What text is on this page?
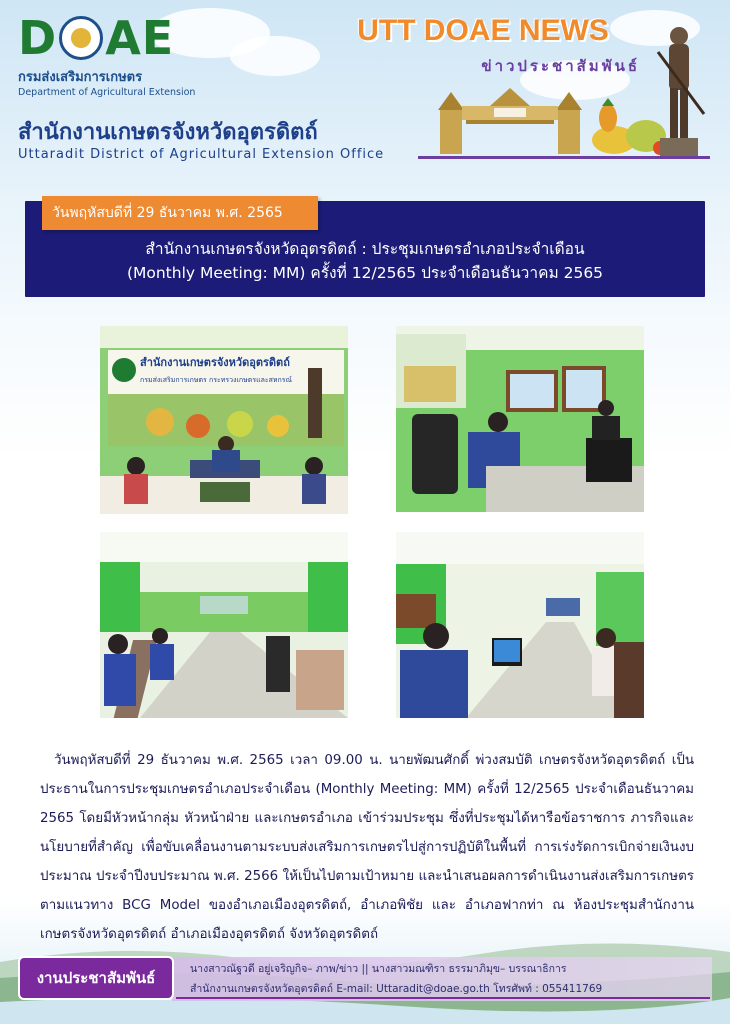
D AE
กรมส่งเสริมการเกษตร
Department of Agricultural Extension
UTT DOAE NEWS
ข่าวประชาสัมพันธ์
สำนักงานเกษตรจังหวัดอุตรดิตถ์
Uttaradit District of Agricultural Extension Office
วันพฤหัสบดีที่ 29 ธันวาคม พ.ศ. 2565
สำนักงานเกษตรจังหวัดอุตรดิตถ์ : ประชุมเกษตรอำเภอประจำเดือน
(Monthly Meeting: MM) ครั้งที่ 12/2565 ประจำเดือนธันวาคม 2565
สำนักงานเกษตรจังหวัดอุตรดิตถ์
กรมส่งเสริมการเกษตร กระทรวงเกษตรและสหกรณ์
วันพฤหัสบดีที่ 29 ธันวาคม พ.ศ. 2565 เวลา 09.00 น. นายพัฒนศักดิ์ พ่วงสมบัติ เกษตรจังหวัดอุตรดิตถ์ เป็นประธานในการประชุมเกษตรอำเภอประจำเดือน (Monthly Meeting: MM) ครั้งที่ 12/2565 ประจำเดือนธันวาคม 2565 โดยมีหัวหน้ากลุ่ม หัวหน้าฝ่าย และเกษตรอำเภอ เข้าร่วมประชุม ซึ่งที่ประชุมได้หารือข้อราชการ ภารกิจและนโยบายที่สำคัญ เพื่อขับเคลื่อนงานตามระบบส่งเสริมการเกษตรไปสู่การปฏิบัติในพื้นที่ การเร่งรัดการเบิกจ่ายเงินงบประมาณ ประจำปีงบประมาณ พ.ศ. 2566 ให้เป็นไปตามเป้าหมาย และนำเสนอผลการดำเนินงานส่งเสริมการเกษตรตามแนวทาง BCG Model ของอำเภอเมืองอุตรดิตถ์, อำเภอพิชัย และ อำเภอฟากท่า ณ ห้องประชุมสำนักงานเกษตรจังหวัดอุตรดิตถ์ อำเภอเมืองอุตรดิตถ์ จังหวัดอุตรดิตถ์
งานประชาสัมพันธ์	นางสาวณัฐวดี อยู่เจริญกิจ– ภาพ/ข่าว || นางสาวมณฑิรา ธรรมาภิมุข– บรรณาธิการ
สำนักงานเกษตรจังหวัดอุตรดิตถ์ E-mail: Uttaradit@doae.go.th โทรศัพท์ : 055411769
